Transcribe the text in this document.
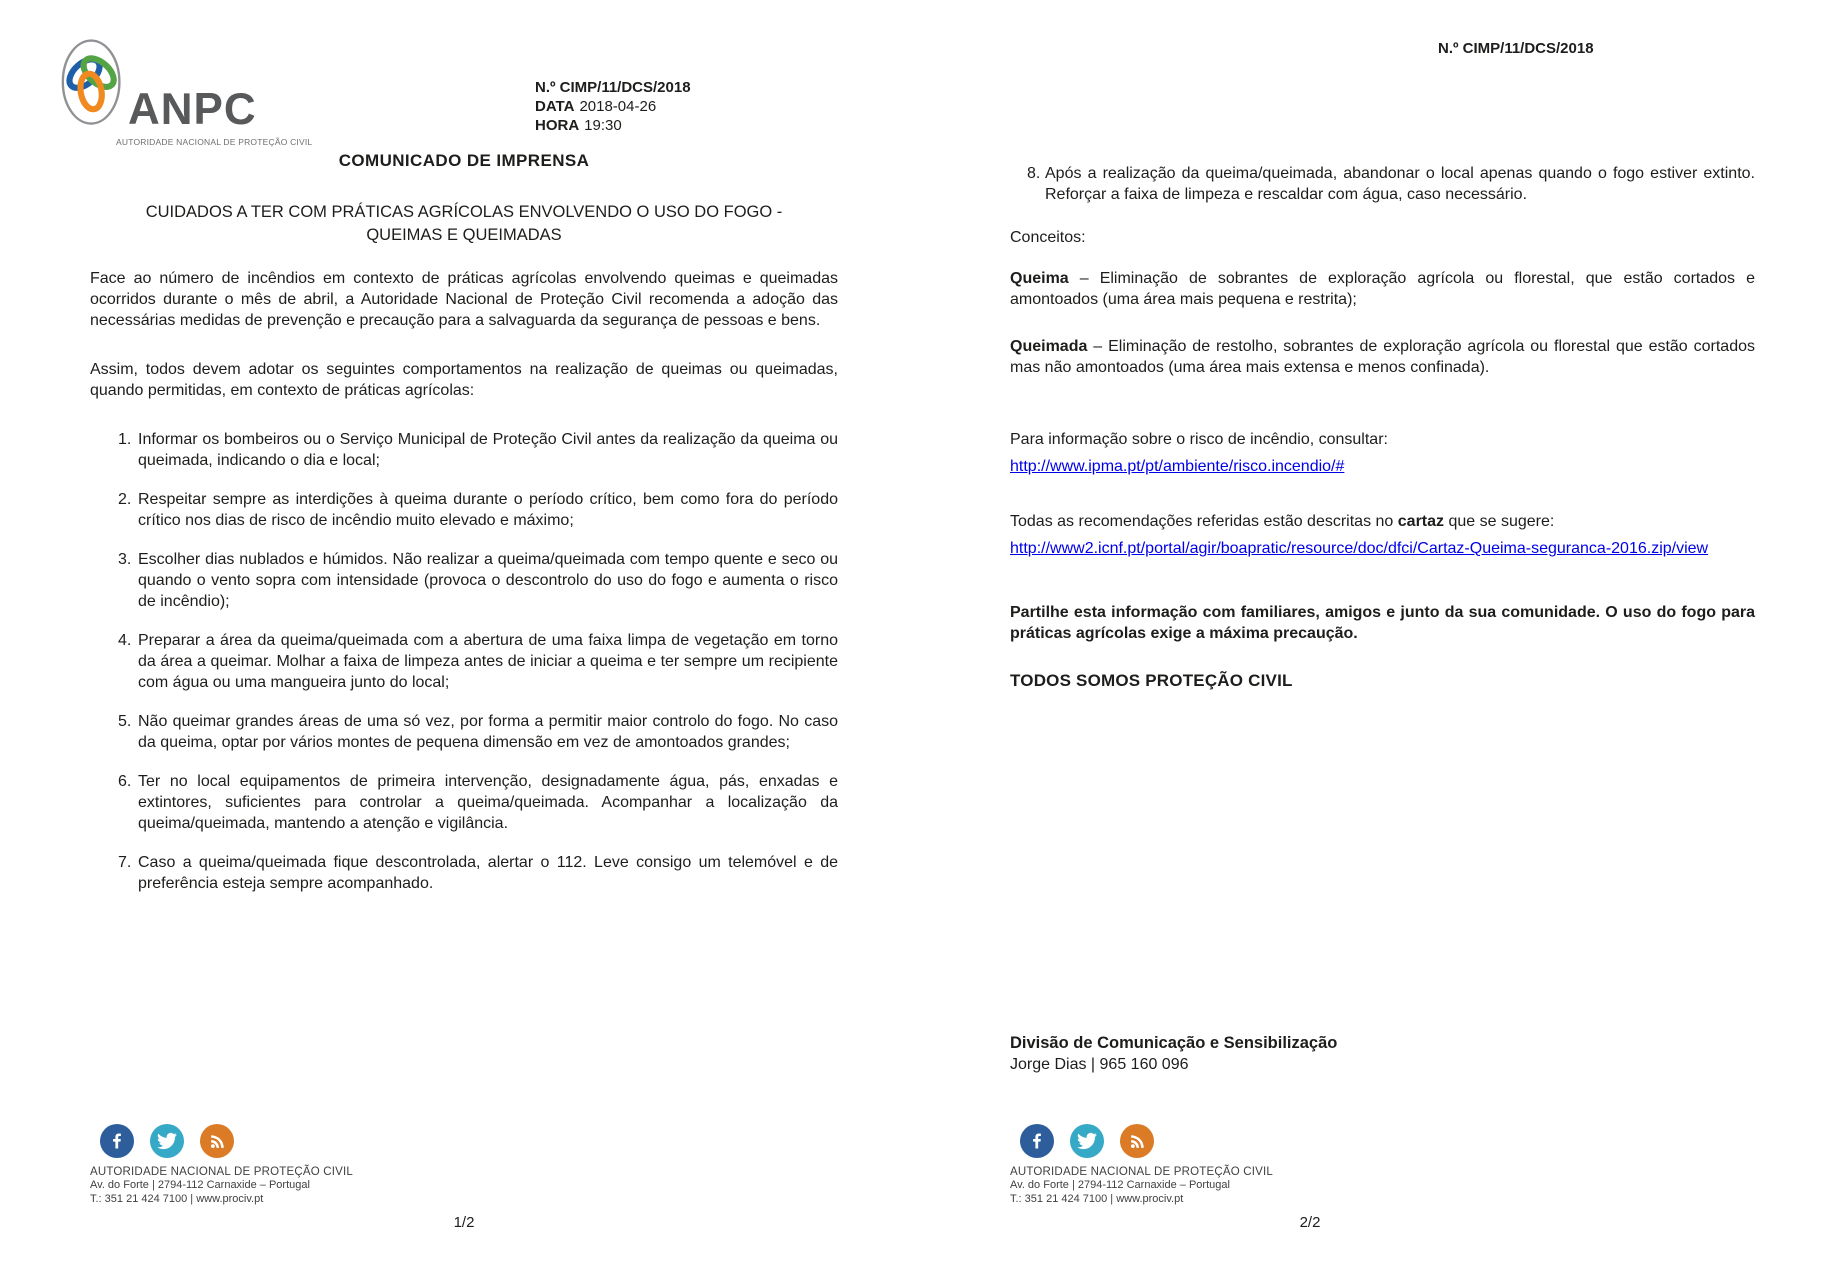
ANPC
AUTORIDADE NACIONAL DE PROTEÇÃO CIVIL
N.º CIMP/11/DCS/2018
DATA 2018-04-26
HORA 19:30
COMUNICADO DE IMPRENSA
CUIDADOS A TER COM PRÁTICAS AGRÍCOLAS ENVOLVENDO O USO DO FOGO -
QUEIMAS E QUEIMADAS

Face ao número de incêndios em contexto de práticas agrícolas envolvendo queimas e queimadas ocorridos durante o mês de abril, a Autoridade Nacional de Proteção Civil recomenda a adoção das necessárias medidas de prevenção e precaução para a salvaguarda da segurança de pessoas e bens.

Assim, todos devem adotar os seguintes comportamentos na realização de queimas ou queimadas, quando permitidas, em contexto de práticas agrícolas:

1. Informar os bombeiros ou o Serviço Municipal de Proteção Civil antes da realização da queima ou queimada, indicando o dia e local;
2. Respeitar sempre as interdições à queima durante o período crítico, bem como fora do período crítico nos dias de risco de incêndio muito elevado e máximo;
3. Escolher dias nublados e húmidos. Não realizar a queima/queimada com tempo quente e seco ou quando o vento sopra com intensidade (provoca o descontrolo do uso do fogo e aumenta o risco de incêndio);
4. Preparar a área da queima/queimada com a abertura de uma faixa limpa de vegetação em torno da área a queimar. Molhar a faixa de limpeza antes de iniciar a queima e ter sempre um recipiente com água ou uma mangueira junto do local;
5. Não queimar grandes áreas de uma só vez, por forma a permitir maior controlo do fogo. No caso da queima, optar por vários montes de pequena dimensão em vez de amontoados grandes;
6. Ter no local equipamentos de primeira intervenção, designadamente água, pás, enxadas e extintores, suficientes para controlar a queima/queimada. Acompanhar a localização da queima/queimada, mantendo a atenção e vigilância.
7. Caso a queima/queimada fique descontrolada, alertar o 112. Leve consigo um telemóvel e de preferência esteja sempre acompanhado.
AUTORIDADE NACIONAL DE PROTEÇÃO CIVIL
Av. do Forte | 2794-112 Carnaxide – Portugal
T.: 351 21 424 7100 | www.prociv.pt
1/2
N.º CIMP/11/DCS/2018
8. Após a realização da queima/queimada, abandonar o local apenas quando o fogo estiver extinto. Reforçar a faixa de limpeza e rescaldar com água, caso necessário.
Conceitos:

Queima – Eliminação de sobrantes de exploração agrícola ou florestal, que estão cortados e amontoados (uma área mais pequena e restrita);

Queimada – Eliminação de restolho, sobrantes de exploração agrícola ou florestal que estão cortados mas não amontoados (uma área mais extensa e menos confinada).

Para informação sobre o risco de incêndio, consultar:
http://www.ipma.pt/pt/ambiente/risco.incendio/#
Todas as recomendações referidas estão descritas no cartaz que se sugere:
http://www2.icnf.pt/portal/agir/boapratic/resource/doc/dfci/Cartaz-Queima-seguranca-2016.zip/view

Partilhe esta informação com familiares, amigos e junto da sua comunidade. O uso do fogo para práticas agrícolas exige a máxima precaução.

TODOS SOMOS PROTEÇÃO CIVIL
Divisão de Comunicação e Sensibilização
Jorge Dias | 965 160 096
AUTORIDADE NACIONAL DE PROTEÇÃO CIVIL
Av. do Forte | 2794-112 Carnaxide – Portugal
T.: 351 21 424 7100 | www.prociv.pt
2/2
